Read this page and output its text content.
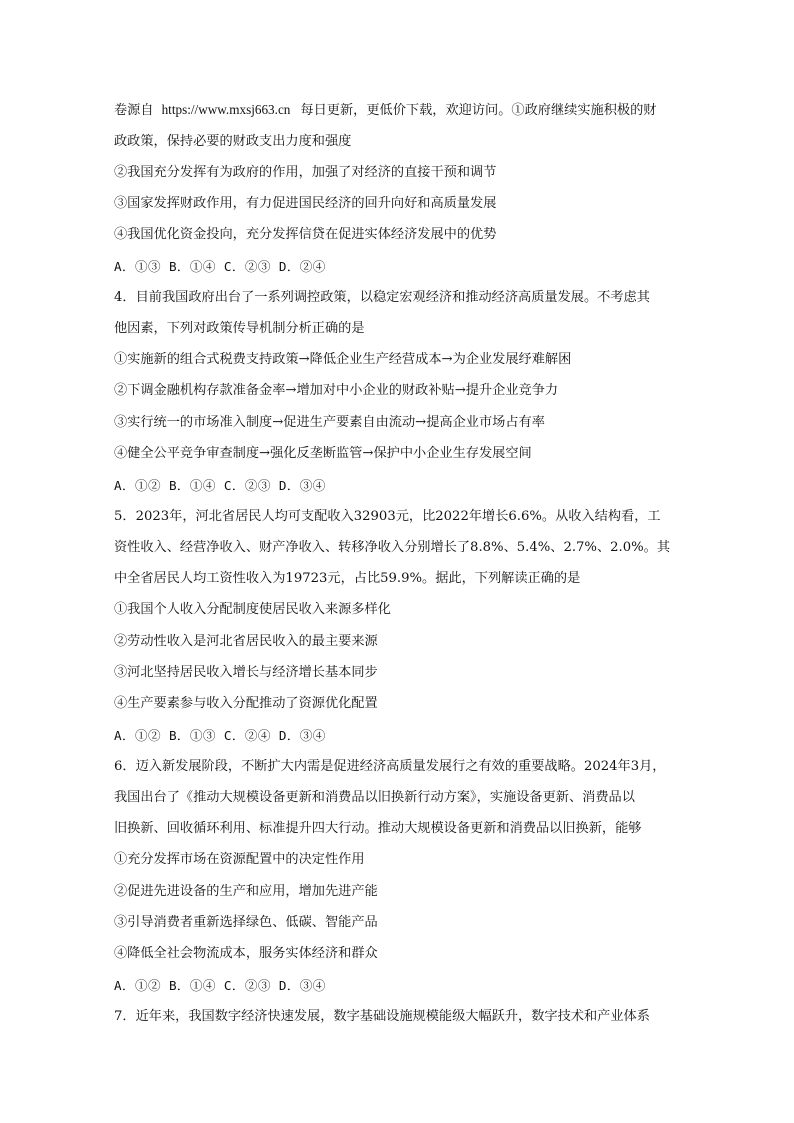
卷源自 https://www.mxsj663.cn 每日更新，更低价下载，欢迎访问。①政府继续实施积极的财
政政策，保持必要的财政支出力度和强度
②我国充分发挥有为政府的作用，加强了对经济的直接干预和调节
③国家发挥财政作用，有力促进国民经济的回升向好和高质量发展
④我国优化资金投向，充分发挥信贷在促进实体经济发展中的优势
A．①③ B．①④ C．②③ D．②④
4．目前我国政府出台了一系列调控政策，以稳定宏观经济和推动经济高质量发展。不考虑其
他因素，下列对政策传导机制分析正确的是
①实施新的组合式税费支持政策→降低企业生产经营成本→为企业发展纾难解困
②下调金融机构存款准备金率→增加对中小企业的财政补贴→提升企业竞争力
③实行统一的市场准入制度→促进生产要素自由流动→提高企业市场占有率
④健全公平竞争审查制度→强化反垄断监管→保护中小企业生存发展空间
A．①② B．①④ C．②③ D．③④
5．2023年，河北省居民人均可支配收入32903元，比2022年增长6.6%。从收入结构看，工
资性收入、经营净收入、财产净收入、转移净收入分别增长了8.8%、5.4%、2.7%、2.0%。其
中全省居民人均工资性收入为19723元，占比59.9%。据此，下列解读正确的是
①我国个人收入分配制度使居民收入来源多样化
②劳动性收入是河北省居民收入的最主要来源
③河北坚持居民收入增长与经济增长基本同步
④生产要素参与收入分配推动了资源优化配置
A．①② B．①③ C．②④ D．③④
6．迈入新发展阶段，不断扩大内需是促进经济高质量发展行之有效的重要战略。2024年3月，
我国出台了《推动大规模设备更新和消费品以旧换新行动方案》，实施设备更新、消费品以
旧换新、回收循环利用、标准提升四大行动。推动大规模设备更新和消费品以旧换新，能够
①充分发挥市场在资源配置中的决定性作用
②促进先进设备的生产和应用，增加先进产能
③引导消费者重新选择绿色、低碳、智能产品
④降低全社会物流成本，服务实体经济和群众
A．①② B．①④ C．②③ D．③④
7．近年来，我国数字经济快速发展，数字基础设施规模能级大幅跃升，数字技术和产业体系
